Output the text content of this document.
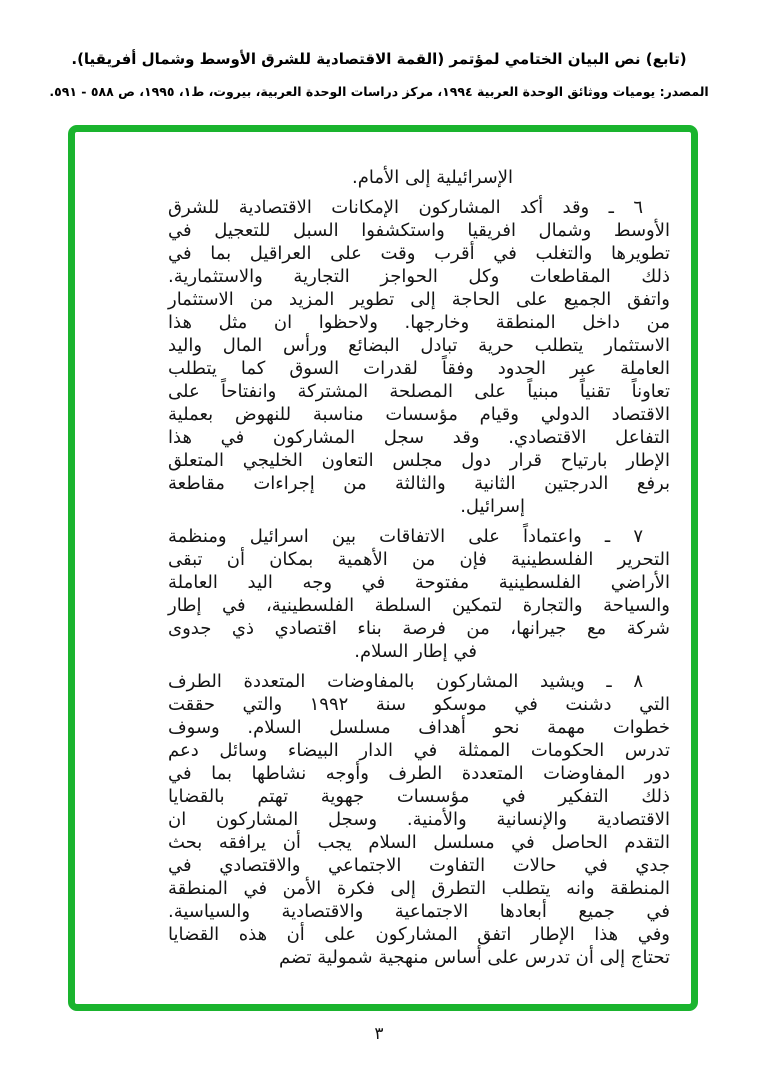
(تابع) نص البيان الختامي لمؤتمر (القمة الاقتصادية للشرق الأوسط وشمال أفريقيا).
المصدر: يوميات ووثائق الوحدة العربية ١٩٩٤، مركز دراسات الوحدة العربية، بيروت، ط١، ١٩٩٥، ص ٥٨٨ - ٥٩١.
الإسرائيلية إلى الأمام.
٦ ـ وقد أكد المشاركون الإمكانات الاقتصادية للشرق
الأوسط وشمال افريقيا واستكشفوا السبل للتعجيل في
تطويرها والتغلب في أقرب وقت على العراقيل بما في
ذلك المقاطعات وكل الحواجز التجارية والاستثمارية.
واتفق الجميع على الحاجة إلى تطوير المزيد من الاستثمار
من داخل المنطقة وخارجها. ولاحظوا ان مثل هذا
الاستثمار يتطلب حرية تبادل البضائع ورأس المال واليد
العاملة عبر الحدود وفقاً لقدرات السوق كما يتطلب
تعاوناً تقنياً مبنياً على المصلحة المشتركة وانفتاحاً على
الاقتصاد الدولي وقيام مؤسسات مناسبة للنهوض بعملية
التفاعل الاقتصادي. وقد سجل المشاركون في هذا
الإطار بارتياح قرار دول مجلس التعاون الخليجي المتعلق
برفع الدرجتين الثانية والثالثة من إجراءات مقاطعة
إسرائيل.
٧ ـ واعتماداً على الاتفاقات بين اسرائيل ومنظمة
التحرير الفلسطينية فإن من الأهمية بمكان أن تبقى
الأراضي الفلسطينية مفتوحة في وجه اليد العاملة
والسياحة والتجارة لتمكين السلطة الفلسطينية، في إطار
شركة مع جيرانها، من فرصة بناء اقتصادي ذي جدوى
في إطار السلام.
٨ ـ ويشيد المشاركون بالمفاوضات المتعددة الطرف
التي دشنت في موسكو سنة ١٩٩٢ والتي حققت
خطوات مهمة نحو أهداف مسلسل السلام. وسوف
تدرس الحكومات الممثلة في الدار البيضاء وسائل دعم
دور المفاوضات المتعددة الطرف وأوجه نشاطها بما في
ذلك التفكير في مؤسسات جهوية تهتم بالقضايا
الاقتصادية والإنسانية والأمنية. وسجل المشاركون ان
التقدم الحاصل في مسلسل السلام يجب أن يرافقه بحث
جدي في حالات التفاوت الاجتماعي والاقتصادي في
المنطقة وانه يتطلب التطرق إلى فكرة الأمن في المنطقة
في جميع أبعادها الاجتماعية والاقتصادية والسياسية.
وفي هذا الإطار اتفق المشاركون على أن هذه القضايا
تحتاج إلى أن تدرس على أساس منهجية شمولية تضم
٣
